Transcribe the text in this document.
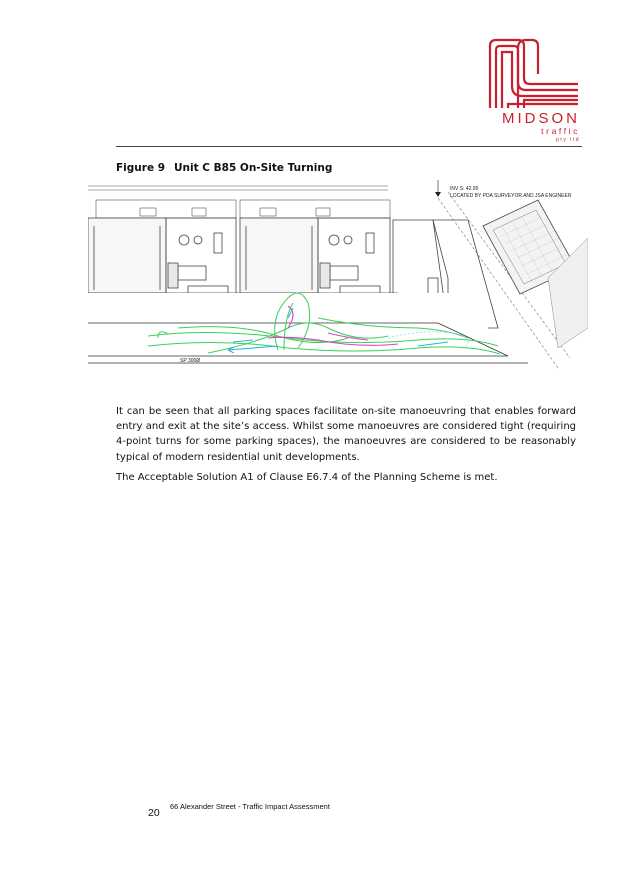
MIDSON
traffic
pty ltd
Figure 9 Unit C B85 On-Site Turning
INV S: 42.95
LOCATED BY PDA SURVEYOR AND JSA ENGINEER
SP 300Ø

It can be seen that all parking spaces facilitate on-site manoeuvring that enables forward entry and exit at the site’s access. Whilst some manoeuvres are considered tight (requiring 4-point turns for some parking spaces), the manoeuvres are considered to be reasonably typical of modern residential unit developments.

The Acceptable Solution A1 of Clause E6.7.4 of the Planning Scheme is met.

20
66 Alexander Street - Traffic Impact Assessment
